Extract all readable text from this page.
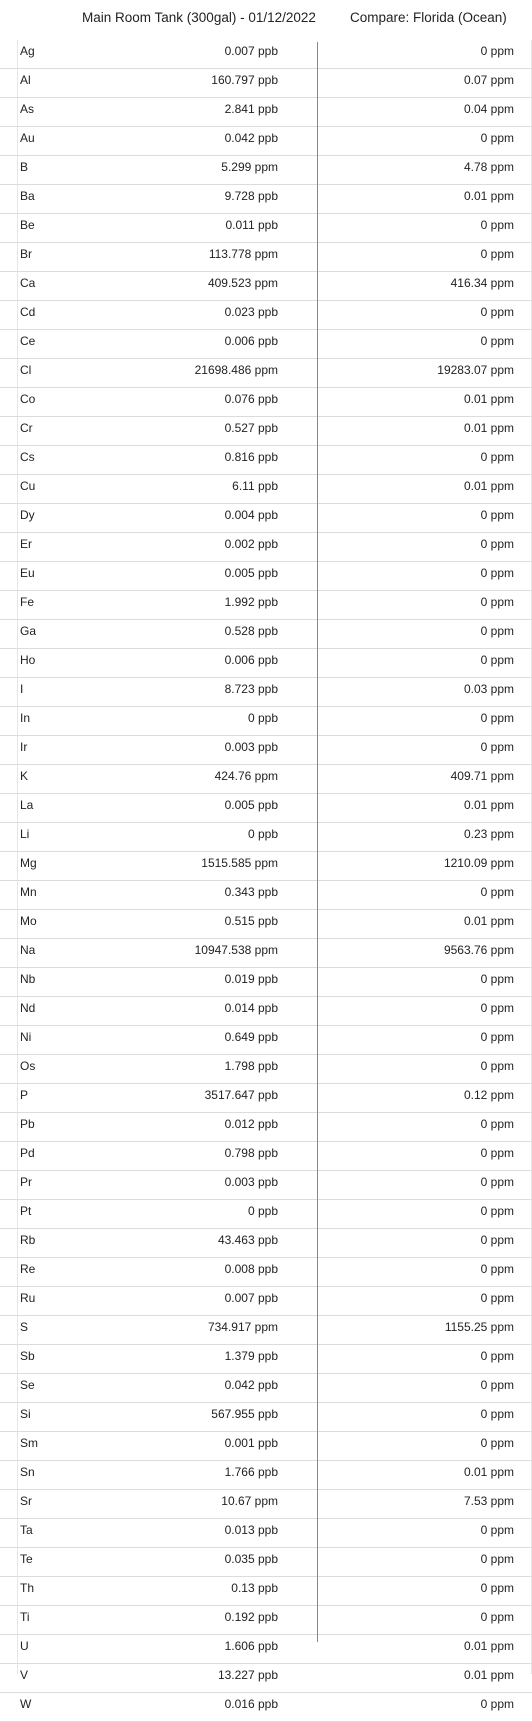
Main Room Tank (300gal) - 01/12/2022	Compare: Florida (Ocean)
Ag	0.007 ppb	0 ppm
Al	160.797 ppb	0.07 ppm
As	2.841 ppb	0.04 ppm
Au	0.042 ppb	0 ppm
B	5.299 ppm	4.78 ppm
Ba	9.728 ppb	0.01 ppm
Be	0.011 ppb	0 ppm
Br	113.778 ppm	0 ppm
Ca	409.523 ppm	416.34 ppm
Cd	0.023 ppb	0 ppm
Ce	0.006 ppb	0 ppm
Cl	21698.486 ppm	19283.07 ppm
Co	0.076 ppb	0.01 ppm
Cr	0.527 ppb	0.01 ppm
Cs	0.816 ppb	0 ppm
Cu	6.11 ppb	0.01 ppm
Dy	0.004 ppb	0 ppm
Er	0.002 ppb	0 ppm
Eu	0.005 ppb	0 ppm
Fe	1.992 ppb	0 ppm
Ga	0.528 ppb	0 ppm
Ho	0.006 ppb	0 ppm
I	8.723 ppb	0.03 ppm
In	0 ppb	0 ppm
Ir	0.003 ppb	0 ppm
K	424.76 ppm	409.71 ppm
La	0.005 ppb	0.01 ppm
Li	0 ppb	0.23 ppm
Mg	1515.585 ppm	1210.09 ppm
Mn	0.343 ppb	0 ppm
Mo	0.515 ppb	0.01 ppm
Na	10947.538 ppm	9563.76 ppm
Nb	0.019 ppb	0 ppm
Nd	0.014 ppb	0 ppm
Ni	0.649 ppb	0 ppm
Os	1.798 ppb	0 ppm
P	3517.647 ppb	0.12 ppm
Pb	0.012 ppb	0 ppm
Pd	0.798 ppb	0 ppm
Pr	0.003 ppb	0 ppm
Pt	0 ppb	0 ppm
Rb	43.463 ppb	0 ppm
Re	0.008 ppb	0 ppm
Ru	0.007 ppb	0 ppm
S	734.917 ppm	1155.25 ppm
Sb	1.379 ppb	0 ppm
Se	0.042 ppb	0 ppm
Si	567.955 ppb	0 ppm
Sm	0.001 ppb	0 ppm
Sn	1.766 ppb	0.01 ppm
Sr	10.67 ppm	7.53 ppm
Ta	0.013 ppb	0 ppm
Te	0.035 ppb	0 ppm
Th	0.13 ppb	0 ppm
Ti	0.192 ppb	0 ppm
U	1.606 ppb	0.01 ppm
V	13.227 ppb	0.01 ppm
W	0.016 ppb	0 ppm
